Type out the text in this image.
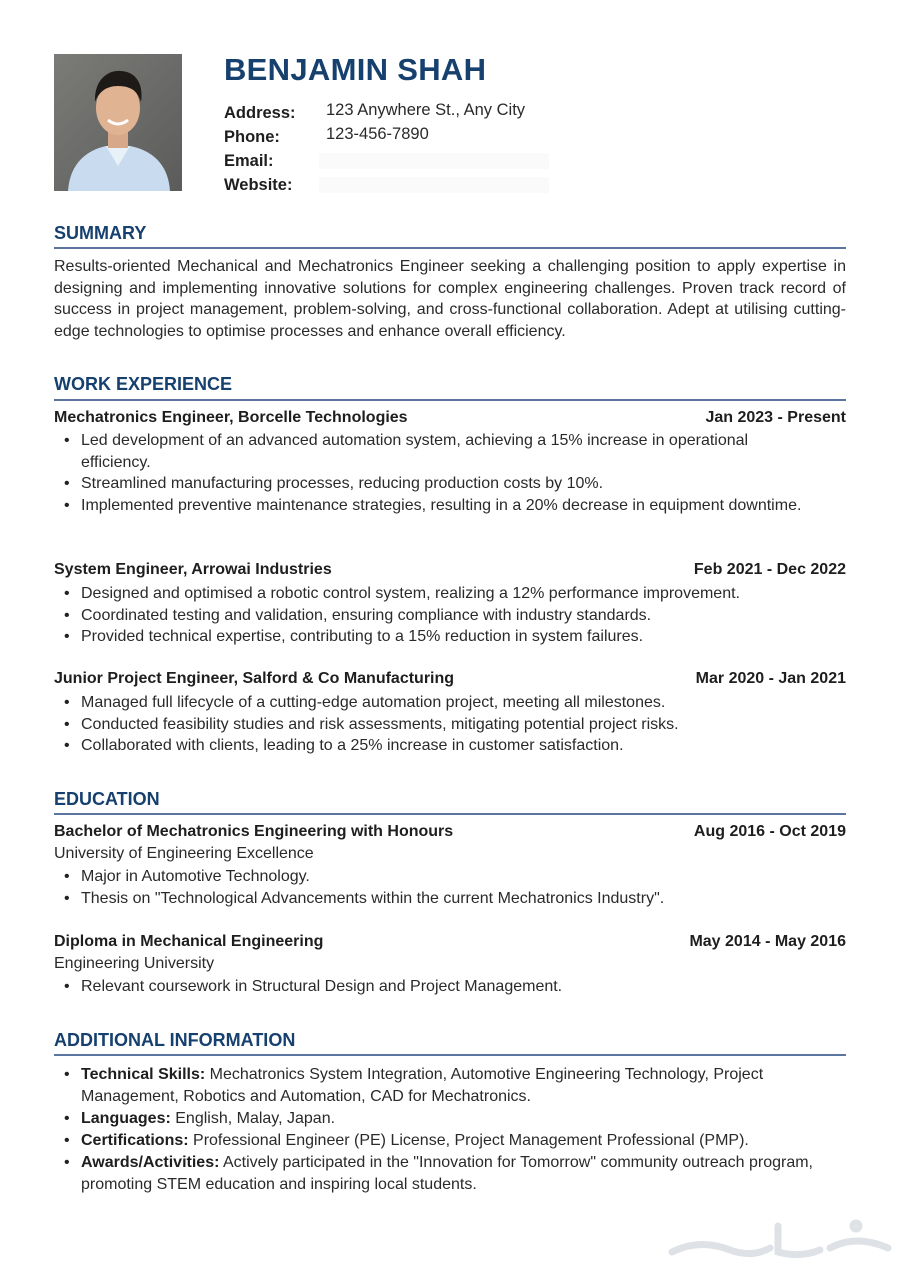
BENJAMIN SHAH
Address: 123 Anywhere St., Any City
Phone:	123-456-7890
Email:
Website:
SUMMARY
Results-oriented Mechanical and Mechatronics Engineer seeking a challenging position to apply expertise in designing and implementing innovative solutions for complex engineering challenges. Proven track record of success in project management, problem-solving, and cross-functional collaboration. Adept at utilising cutting-edge technologies to optimise processes and enhance overall efficiency.
WORK EXPERIENCE
Mechatronics Engineer, Borcelle Technologies	Jan 2023 - Present
• Led development of an advanced automation system, achieving a 15% increase in operational efficiency.
• Streamlined manufacturing processes, reducing production costs by 10%.
• Implemented preventive maintenance strategies, resulting in a 20% decrease in equipment downtime.
System Engineer, Arrowai Industries	Feb 2021 - Dec 2022
• Designed and optimised a robotic control system, realizing a 12% performance improvement.
• Coordinated testing and validation, ensuring compliance with industry standards.
• Provided technical expertise, contributing to a 15% reduction in system failures.
Junior Project Engineer, Salford & Co Manufacturing	Mar 2020 - Jan 2021
• Managed full lifecycle of a cutting-edge automation project, meeting all milestones.
• Conducted feasibility studies and risk assessments, mitigating potential project risks.
• Collaborated with clients, leading to a 25% increase in customer satisfaction.
EDUCATION
Bachelor of Mechatronics Engineering with Honours	Aug 2016 - Oct 2019
University of Engineering Excellence
• Major in Automotive Technology.
• Thesis on "Technological Advancements within the current Mechatronics Industry".
Diploma in Mechanical Engineering	May 2014 - May 2016
Engineering University
• Relevant coursework in Structural Design and Project Management.
ADDITIONAL INFORMATION
• Technical Skills: Mechatronics System Integration, Automotive Engineering Technology, Project Management, Robotics and Automation, CAD for Mechatronics.
• Languages: English, Malay, Japan.
• Certifications: Professional Engineer (PE) License, Project Management Professional (PMP).
• Awards/Activities: Actively participated in the "Innovation for Tomorrow" community outreach program, promoting STEM education and inspiring local students.
